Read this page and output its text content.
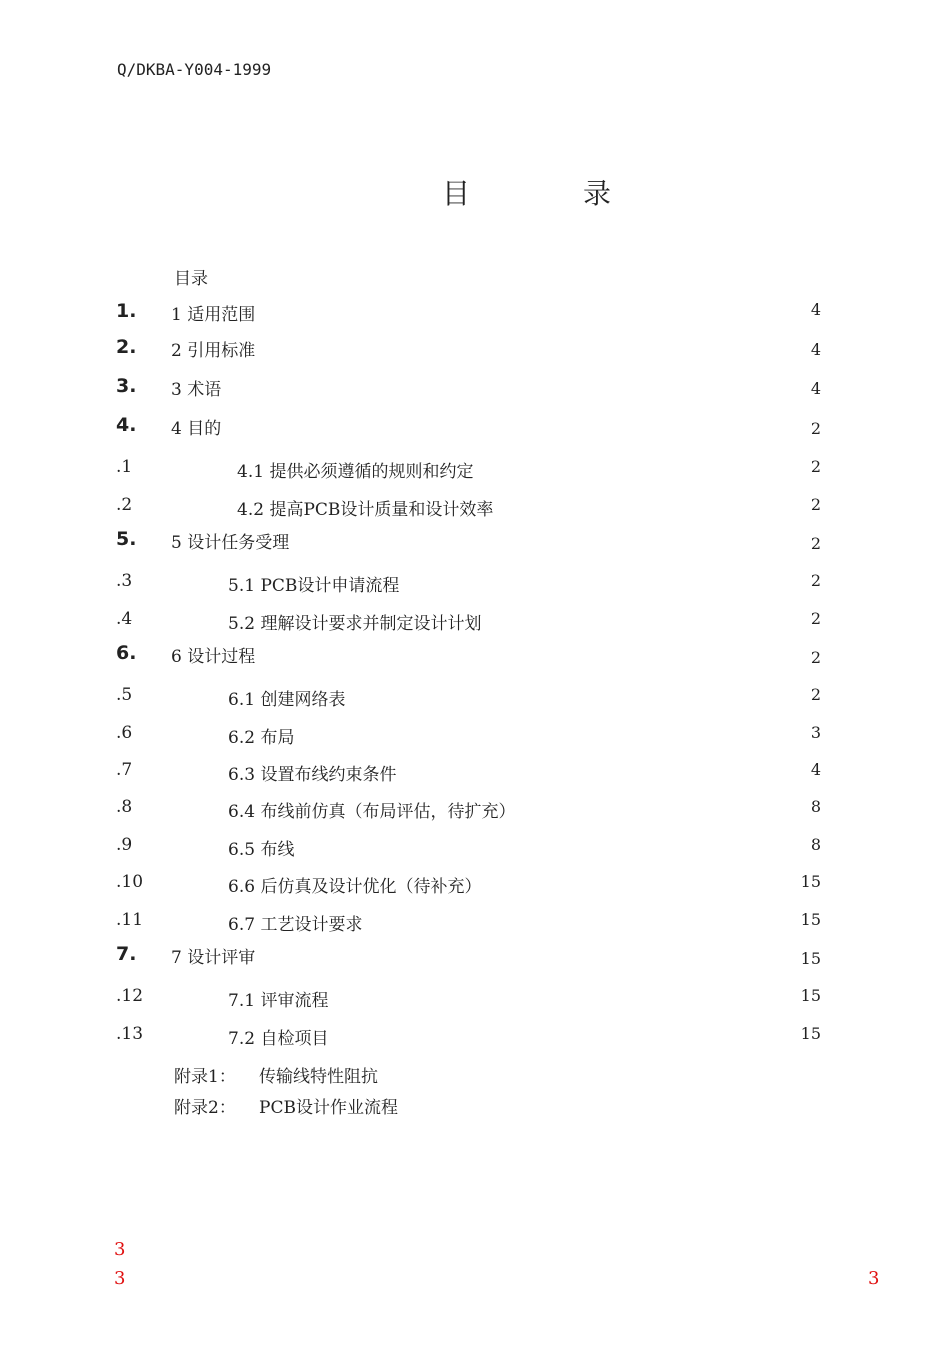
Q/DKBA-Y004-1999
目	录
目录
1. 1 适用范围	4
2. 2 引用标准	4
3. 3 术语	4
4. 4 目的	2
.1	4.1 提供必须遵循的规则和约定	2
.2	4.2 提高PCB设计质量和设计效率	2
5. 5 设计任务受理	2
.3	5.1 PCB设计申请流程	2
.4	5.2 理解设计要求并制定设计计划	2
6. 6 设计过程	2
.5	6.1 创建网络表	2
.6	6.2 布局	3
.7	6.3 设置布线约束条件	4
.8	6.4 布线前仿真（布局评估，待扩充）	8
.9	6.5 布线	8
.10	6.6 后仿真及设计优化（待补充）	15
.11	6.7 工艺设计要求	15
7. 7 设计评审	15
.12	7.1 评审流程	15
.13	7.2 自检项目	15
附录1： 传输线特性阻抗
附录2： PCB设计作业流程
3
3	3
